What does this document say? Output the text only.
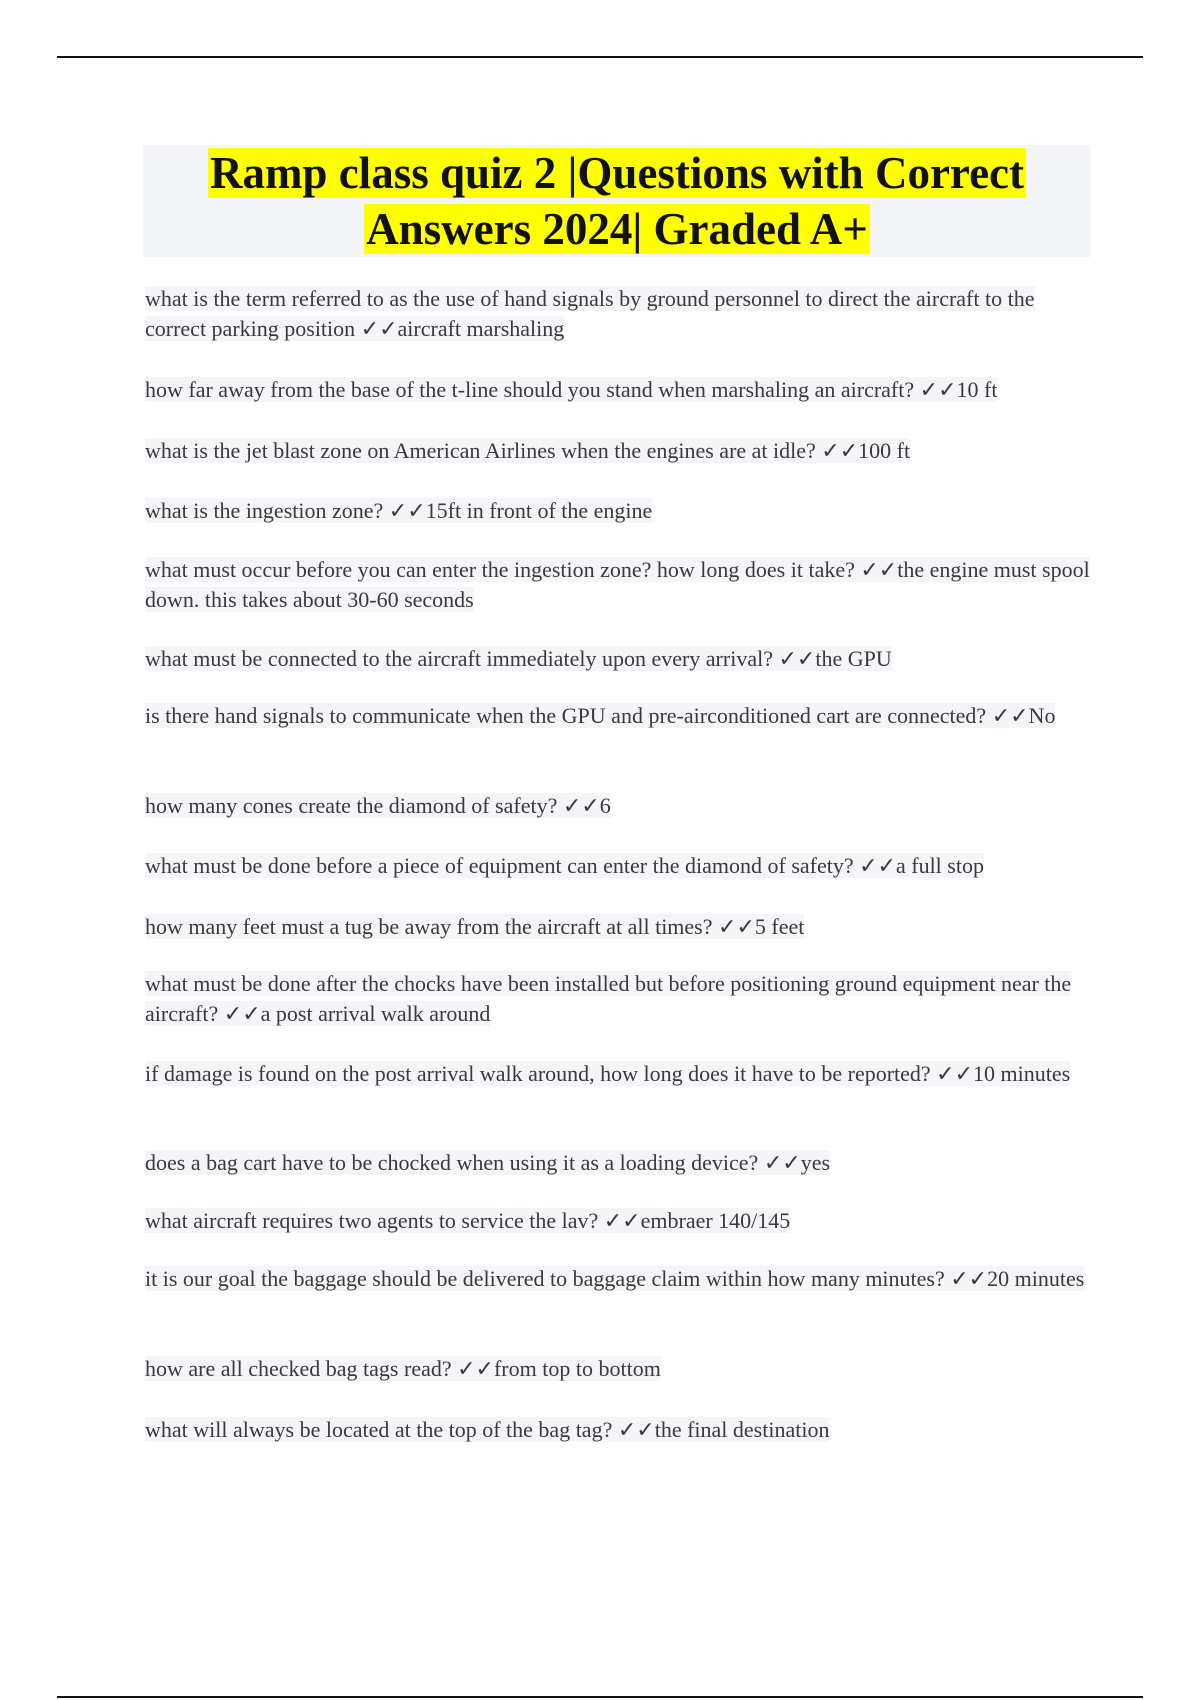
Ramp class quiz 2 |Questions with Correct
Answers 2024| Graded A+
what is the term referred to as the use of hand signals by ground personnel to direct the aircraft to the correct parking position ✓✓aircraft marshaling
how far away from the base of the t-line should you stand when marshaling an aircraft? ✓✓10 ft
what is the jet blast zone on American Airlines when the engines are at idle? ✓✓100 ft
what is the ingestion zone? ✓✓15ft in front of the engine
what must occur before you can enter the ingestion zone? how long does it take? ✓✓the engine must spool down. this takes about 30-60 seconds
what must be connected to the aircraft immediately upon every arrival? ✓✓the GPU
is there hand signals to communicate when the GPU and pre-airconditioned cart are connected? ✓✓No
how many cones create the diamond of safety? ✓✓6
what must be done before a piece of equipment can enter the diamond of safety? ✓✓a full stop
how many feet must a tug be away from the aircraft at all times? ✓✓5 feet
what must be done after the chocks have been installed but before positioning ground equipment near the aircraft? ✓✓a post arrival walk around
if damage is found on the post arrival walk around, how long does it have to be reported? ✓✓10 minutes
does a bag cart have to be chocked when using it as a loading device? ✓✓yes
what aircraft requires two agents to service the lav? ✓✓embraer 140/145
it is our goal the baggage should be delivered to baggage claim within how many minutes? ✓✓20 minutes
how are all checked bag tags read? ✓✓from top to bottom
what will always be located at the top of the bag tag? ✓✓the final destination
